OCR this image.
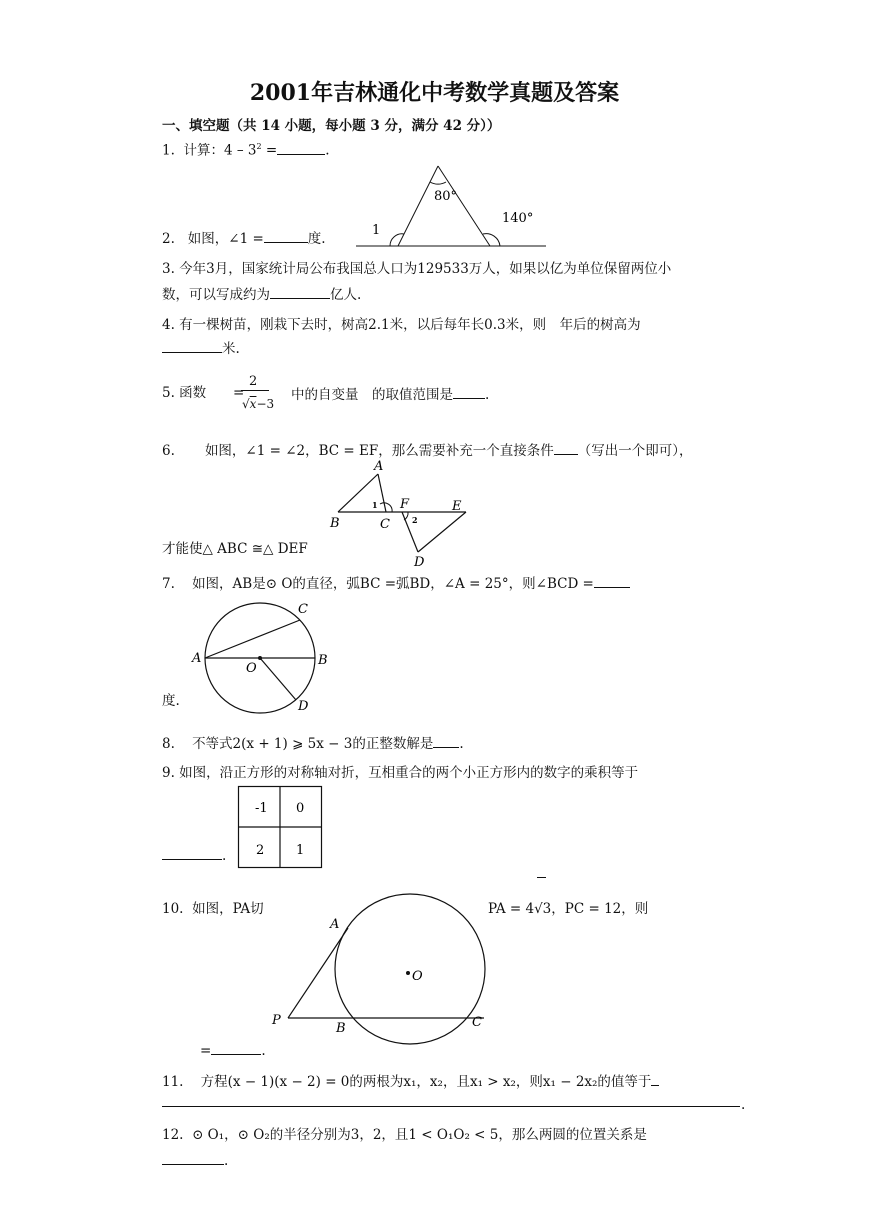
2001年吉林通化中考数学真题及答案
一、填空题（共 14 小题，每小题 3 分，满分 42 分））
1. 计算：$4 - 3^2$ =	.
2. 如图，∠1 =	度.
80°
140°
1
3. 今年3月，国家统计局公布我国总人口为129533万人，如果以亿为单位保留两位小
数，可以写成约为	亿人.
4. 有一棵树苗，刚栽下去时，树高2.1米，以后每年长0.3米，则　年后的树高为
米.
5. 函数 =
2
√x−3
中的自变量　的取值范围是 .
6. 如图，∠1 = ∠2，BC = EF，那么需要补充一个直接条件 （写出一个即可），
A
B	C
F	E
D
1
2
才能使△ ABC ≅△ DEF
7. 如图，AB是⊙ O的直径，弧BC =弧BD，∠A = 25°，则∠BCD =
A	B
C
D
O
度.
8. 不等式2(x + 1) ⩾ 5x − 3的正整数解是 .
9. 如图，沿正方形的对称轴对折，互相重合的两个小正方形内的数字的乘积等于
-1 0
2 1
.
10. 如图，PA切	PA = 4√3，PC = 12，则
O
A
P
B	C
=	.
11. 方程(x − 1)(x − 2) = 0的两根为x₁，x₂，且x₁ > x₂，则x₁ − 2x₂的值等于
.
12. ⊙ O₁，⊙ O₂的半径分别为3，2，且1 < O₁O₂ < 5，那么两圆的位置关系是
.
